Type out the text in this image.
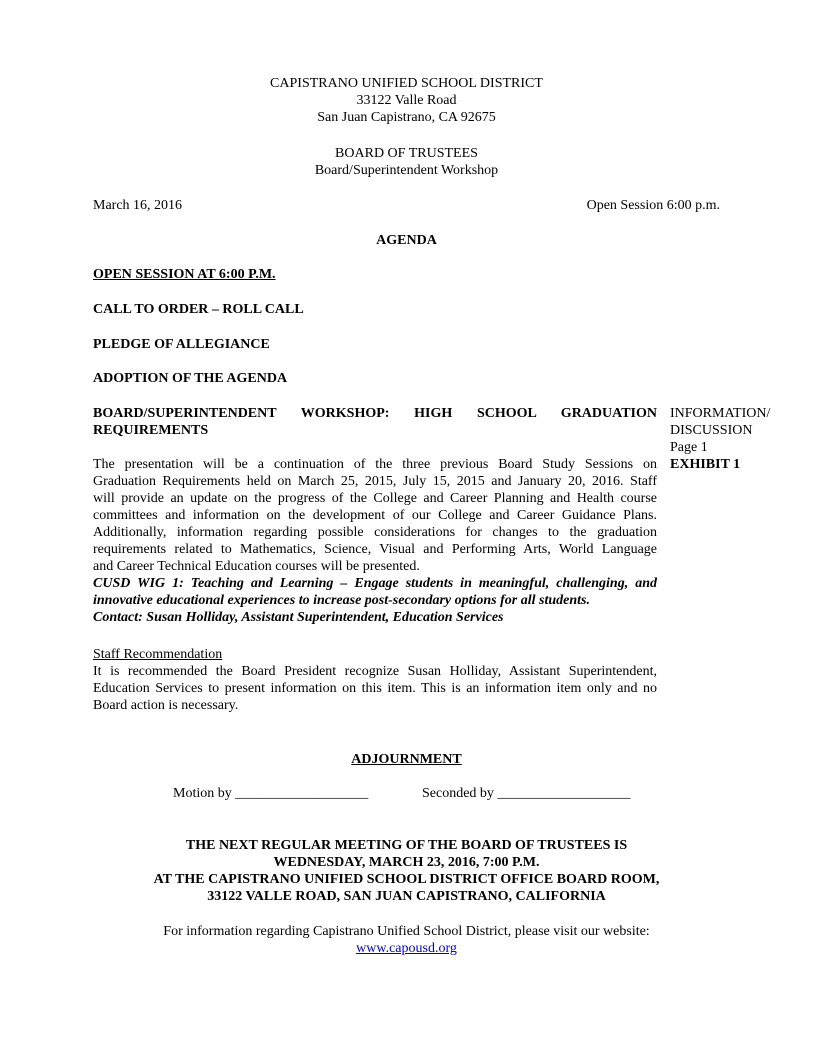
CAPISTRANO UNIFIED SCHOOL DISTRICT
33122 Valle Road
San Juan Capistrano, CA 92675
BOARD OF TRUSTEES
Board/Superintendent Workshop
March 16, 2016	Open Session 6:00 p.m.
AGENDA
OPEN SESSION AT 6:00 P.M.
CALL TO ORDER – ROLL CALL
PLEDGE OF ALLEGIANCE
ADOPTION OF THE AGENDA
BOARD/SUPERINTENDENT WORKSHOP: HIGH SCHOOL GRADUATION
REQUIREMENTS
INFORMATION/
DISCUSSION
Page 1
EXHIBIT 1
The presentation will be a continuation of the three previous Board Study Sessions on
Graduation Requirements held on March 25, 2015, July 15, 2015 and January 20, 2016. Staff
will provide an update on the progress of the College and Career Planning and Health course
committees and information on the development of our College and Career Guidance Plans.
Additionally, information regarding possible considerations for changes to the graduation
requirements related to Mathematics, Science, Visual and Performing Arts, World Language
and Career Technical Education courses will be presented.
CUSD WIG 1: Teaching and Learning – Engage students in meaningful, challenging, and
innovative educational experiences to increase post-secondary options for all students.
Contact: Susan Holliday, Assistant Superintendent, Education Services
Staff Recommendation
It is recommended the Board President recognize Susan Holliday, Assistant Superintendent,
Education Services to present information on this item. This is an information item only and no
Board action is necessary.
ADJOURNMENT
Motion by ___________________	Seconded by ___________________
THE NEXT REGULAR MEETING OF THE BOARD OF TRUSTEES IS
WEDNESDAY, MARCH 23, 2016, 7:00 P.M.
AT THE CAPISTRANO UNIFIED SCHOOL DISTRICT OFFICE BOARD ROOM,
33122 VALLE ROAD, SAN JUAN CAPISTRANO, CALIFORNIA
For information regarding Capistrano Unified School District, please visit our website:
www.capousd.org
